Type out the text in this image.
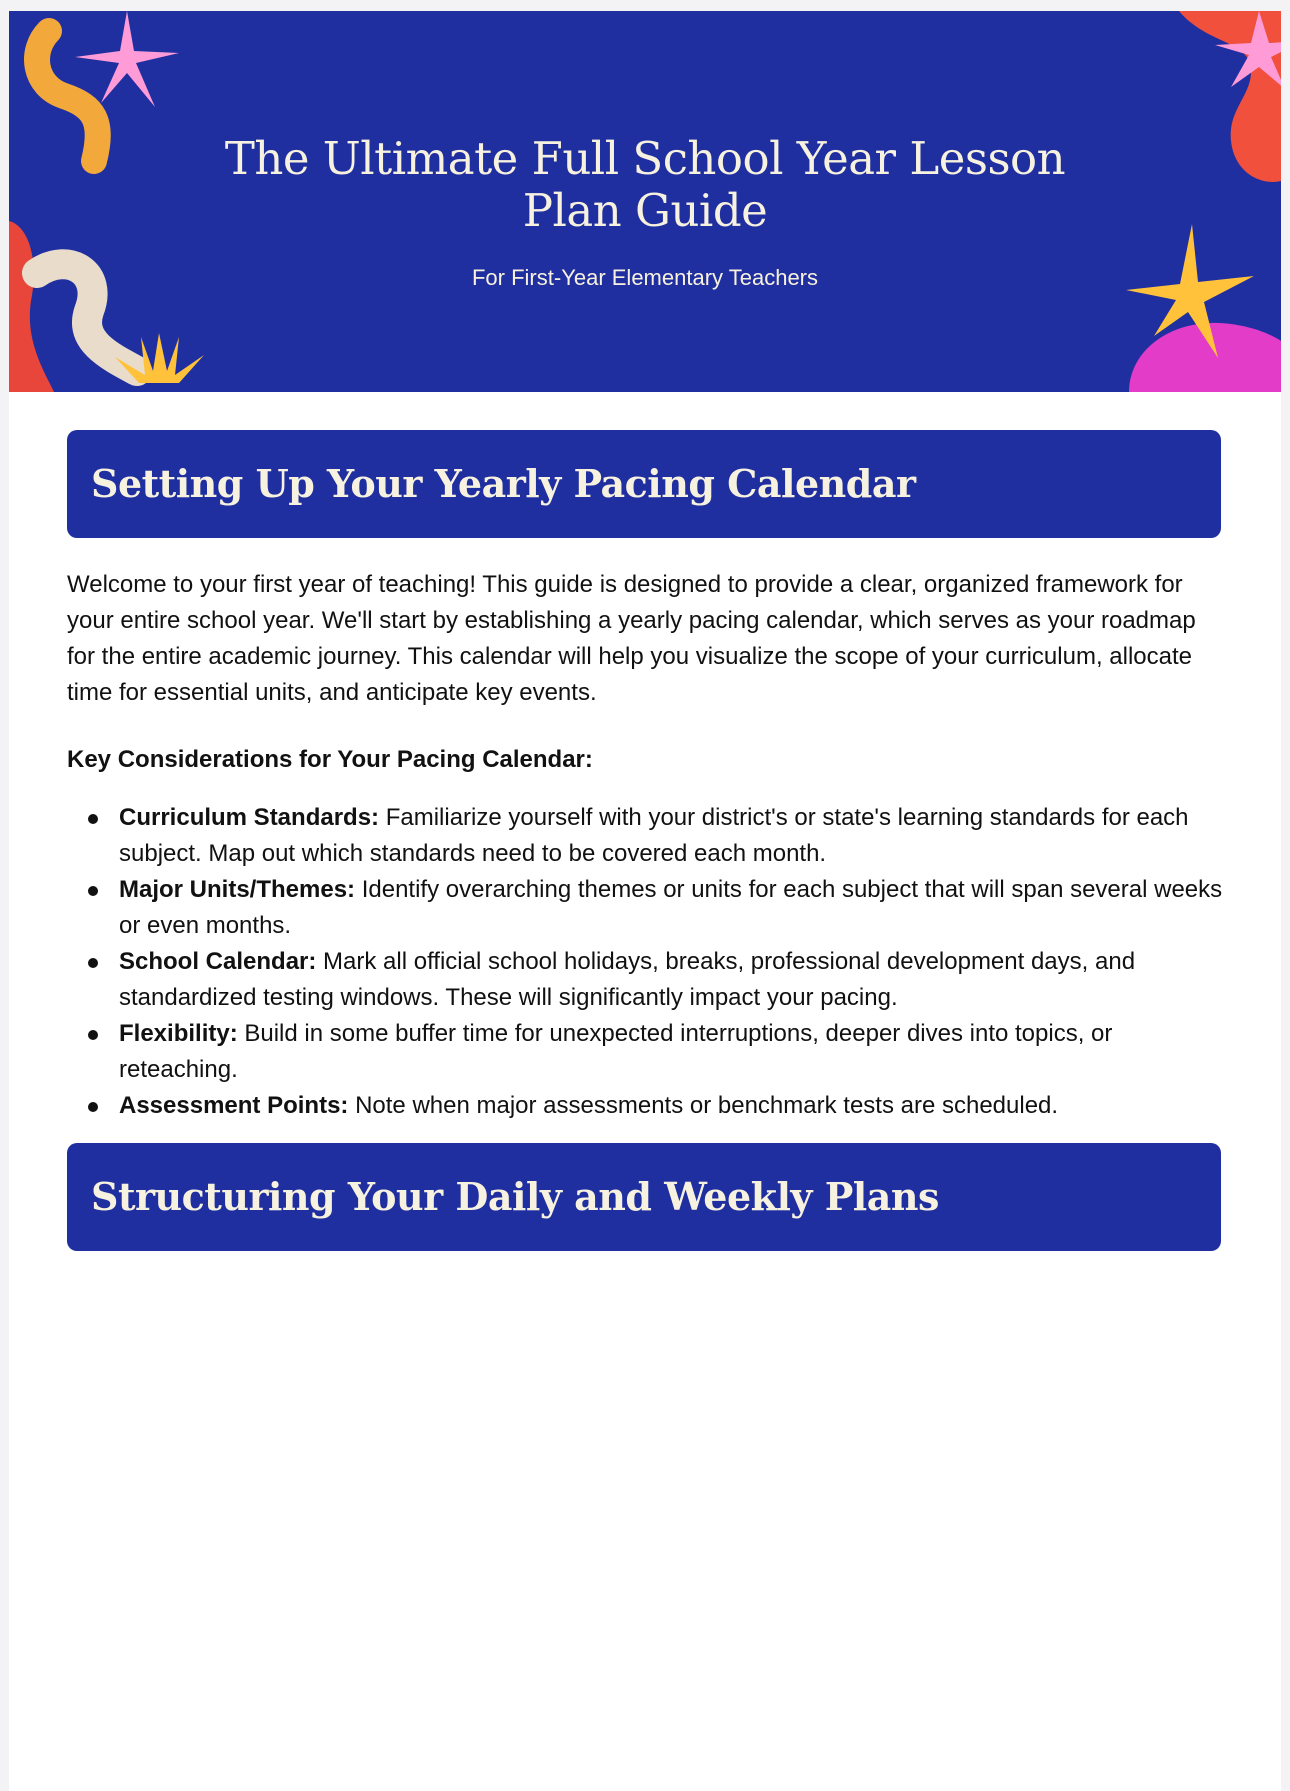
The Ultimate Full School Year Lesson Plan Guide

For First-Year Elementary Teachers

Setting Up Your Yearly Pacing Calendar

Welcome to your first year of teaching! This guide is designed to provide a clear, organized framework for your entire school year. We'll start by establishing a yearly pacing calendar, which serves as your roadmap for the entire academic journey. This calendar will help you visualize the scope of your curriculum, allocate time for essential units, and anticipate key events.

Key Considerations for Your Pacing Calendar:

Curriculum Standards: Familiarize yourself with your district's or state's learning standards for each subject. Map out which standards need to be covered each month.
Major Units/Themes: Identify overarching themes or units for each subject that will span several weeks or even months.
School Calendar: Mark all official school holidays, breaks, professional development days, and standardized testing windows. These will significantly impact your pacing.
Flexibility: Build in some buffer time for unexpected interruptions, deeper dives into topics, or reteaching.
Assessment Points: Note when major assessments or benchmark tests are scheduled.
Structuring Your Daily and Weekly Plans
